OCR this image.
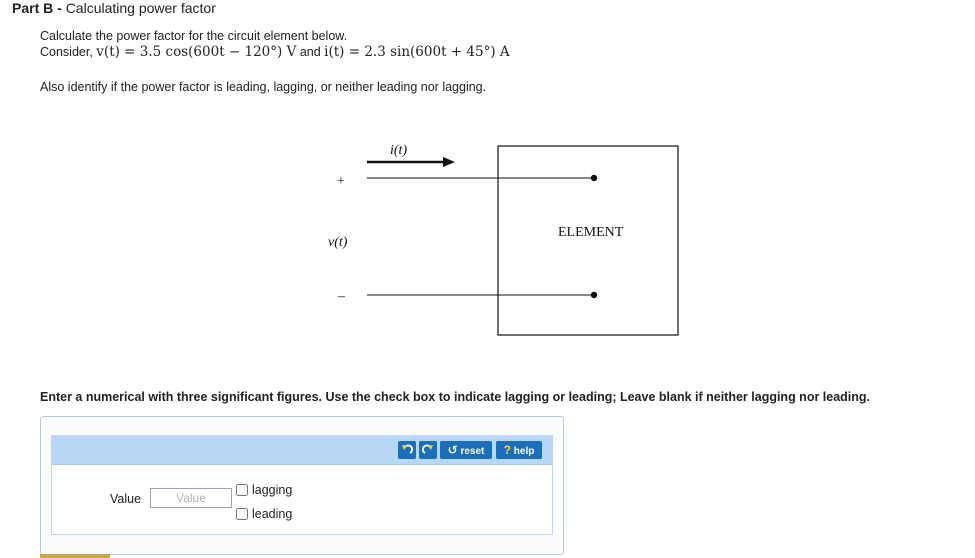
Part B - Calculating power factor
Calculate the power factor for the circuit element below.
Consider, v(t) = 3.5 cos(600t − 120°) V and i(t) = 2.3 sin(600t + 45°) A
Also identify if the power factor is leading, lagging, or neither leading nor lagging.
i(t)
+
v(t)
–
ELEMENT
Enter a numerical with three significant figures. Use the check box to indicate lagging or leading; Leave blank if neither lagging nor leading.
↺ reset	? help
Value
Value
lagging
leading
